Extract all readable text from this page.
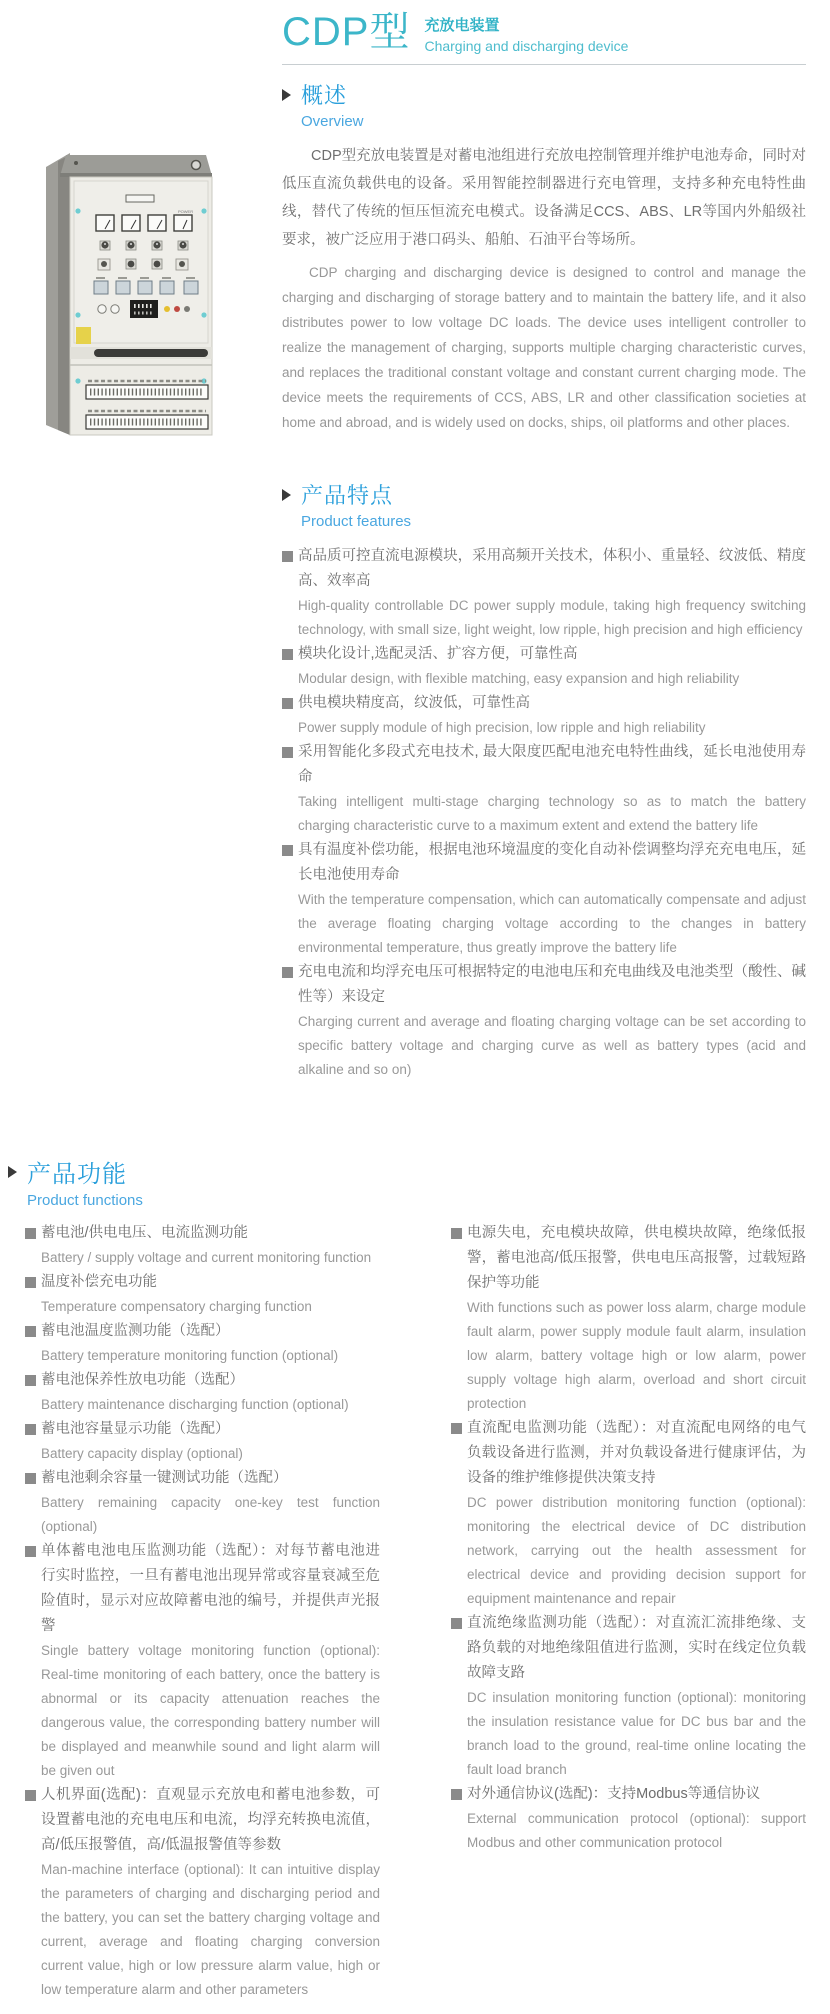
POWER
CDP型 充放电装置
Charging and discharging device
概述
Overview

CDP型充放电装置是对蓄电池组进行充放电控制管理并维护电池寿命，同时对低压直流负载供电的设备。采用智能控制器进行充电管理，支持多种充电特性曲线，替代了传统的恒压恒流充电模式。设备满足CCS、ABS、LR等国内外船级社要求，被广泛应用于港口码头、船舶、石油平台等场所。

CDP charging and discharging device is designed to control and manage the charging and discharging of storage battery and to maintain the battery life, and it also distributes power to low voltage DC loads. The device uses intelligent controller to realize the management of charging, supports multiple charging characteristic curves, and replaces the traditional constant voltage and constant current charging mode. The device meets the requirements of CCS, ABS, LR and other classification societies at home and abroad, and is widely used on docks, ships, oil platforms and other places.

产品特点
Product features
高品质可控直流电源模块，采用高频开关技术，体积小、重量轻、纹波低、精度高、效率高
High-quality controllable DC power supply module, taking high frequency switching technology, with small size, light weight, low ripple, high precision and high efficiency
模块化设计,选配灵活、扩容方便，可靠性高
Modular design, with flexible matching, easy expansion and high reliability
供电模块精度高，纹波低，可靠性高
Power supply module of high precision, low ripple and high reliability
采用智能化多段式充电技术, 最大限度匹配电池充电特性曲线，延长电池使用寿命
Taking intelligent multi-stage charging technology so as to match the battery charging characteristic curve to a maximum extent and extend the battery life
具有温度补偿功能，根据电池环境温度的变化自动补偿调整均浮充充电电压，延长电池使用寿命
With the temperature compensation, which can automatically compensate and adjust the average floating charging voltage according to the changes in battery environmental temperature, thus greatly improve the battery life
充电电流和均浮充电压可根据特定的电池电压和充电曲线及电池类型（酸性、碱性等）来设定
Charging current and average and floating charging voltage can be set according to specific battery voltage and charging curve as well as battery types (acid and alkaline and so on)
产品功能
Product functions
蓄电池/供电电压、电流监测功能
Battery / supply voltage and current monitoring function
温度补偿充电功能
Temperature compensatory charging function
蓄电池温度监测功能（选配）
Battery temperature monitoring function (optional)
蓄电池保养性放电功能（选配）
Battery maintenance discharging function (optional)
蓄电池容量显示功能（选配）
Battery capacity display (optional)
蓄电池剩余容量一键测试功能（选配）
Battery remaining capacity one-key test function (optional)
单体蓄电池电压监测功能（选配）：对每节蓄电池进行实时监控，一旦有蓄电池出现异常或容量衰减至危险值时，显示对应故障蓄电池的编号，并提供声光报警
Single battery voltage monitoring function (optional): Real-time monitoring of each battery, once the battery is abnormal or its capacity attenuation reaches the dangerous value, the corresponding battery number will be displayed and meanwhile sound and light alarm will be given out
人机界面(选配)：直观显示充放电和蓄电池参数，可设置蓄电池的充电电压和电流，均浮充转换电流值，高/低压报警值，高/低温报警值等参数
Man-machine interface (optional): It can intuitive display the parameters of charging and discharging period and the battery, you can set the battery charging voltage and current, average and floating charging conversion current value, high or low pressure alarm value, high or low temperature alarm and other parameters
电源失电，充电模块故障，供电模块故障，绝缘低报警，蓄电池高/低压报警，供电电压高报警，过载短路保护等功能
With functions such as power loss alarm, charge module fault alarm, power supply module fault alarm, insulation low alarm, battery voltage high or low alarm, power supply voltage high alarm, overload and short circuit protection
直流配电监测功能（选配）：对直流配电网络的电气负载设备进行监测，并对负载设备进行健康评估，为设备的维护维修提供决策支持
DC power distribution monitoring function (optional): monitoring the electrical device of DC distribution network, carrying out the health assessment for electrical device and providing decision support for equipment maintenance and repair
直流绝缘监测功能（选配）：对直流汇流排绝缘、支路负载的对地绝缘阻值进行监测，实时在线定位负载故障支路
DC insulation monitoring function (optional): monitoring the insulation resistance value for DC bus bar and the branch load to the ground, real-time online locating the fault load branch
对外通信协议(选配)：支持Modbus等通信协议
External communication protocol (optional): support Modbus and other communication protocol
